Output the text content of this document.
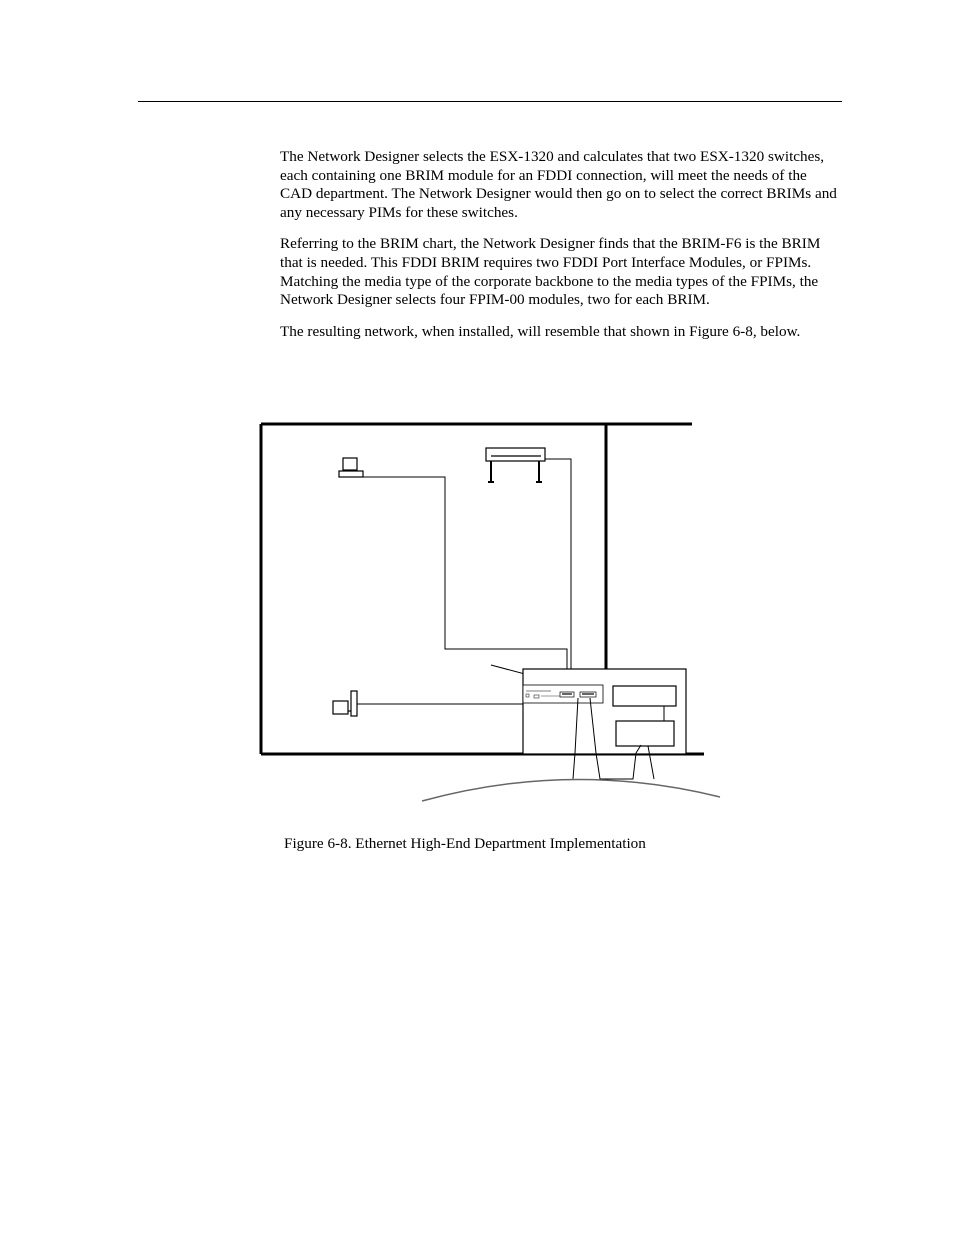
The Network Designer selects the ESX-1320 and calculates that two ESX-1320 switches, each containing one BRIM module for an FDDI connection, will meet the needs of the CAD department. The Network Designer would then go on to select the correct BRIMs and any necessary PIMs for these switches.

Referring to the BRIM chart, the Network Designer finds that the BRIM-F6 is the BRIM that is needed. This FDDI BRIM requires two FDDI Port Interface Modules, or FPIMs. Matching the media type of the corporate backbone to the media types of the FPIMs, the Network Designer selects four FPIM-00 modules, two for each BRIM.

The resulting network, when installed, will resemble that shown in Figure 6-8, below.

Figure 6-8. Ethernet High-End Department Implementation
